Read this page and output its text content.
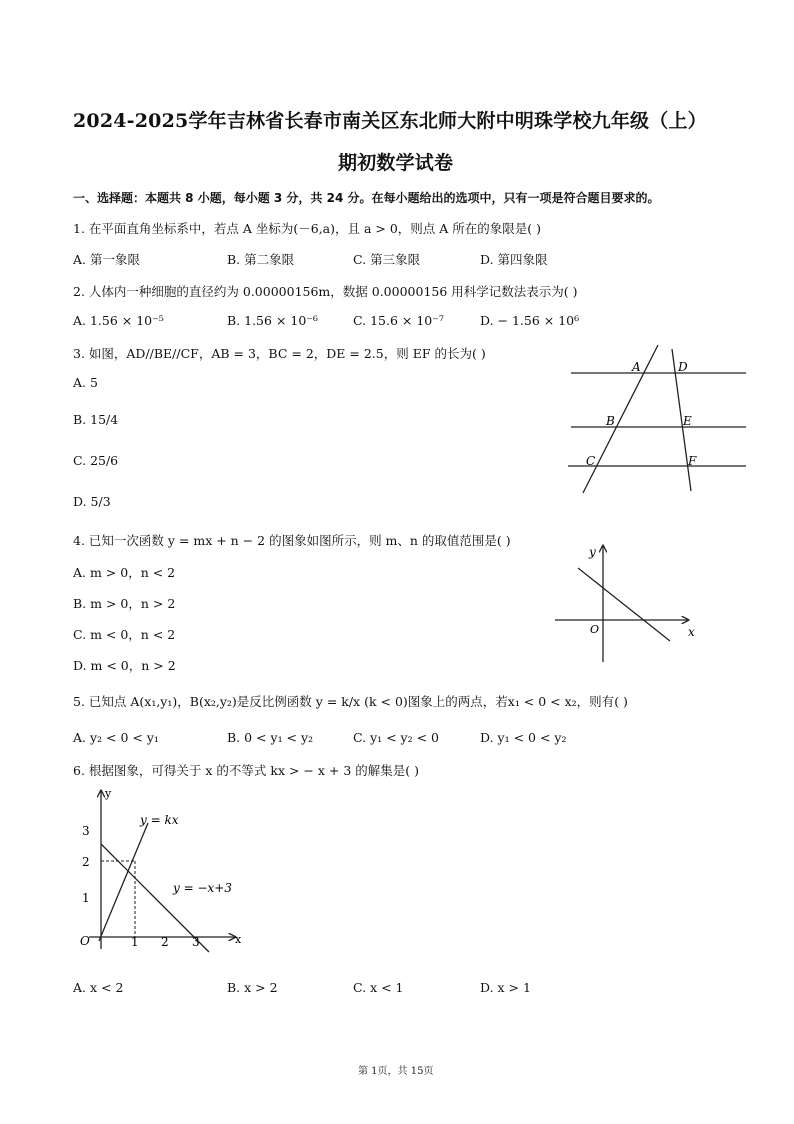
2024-2025学年吉林省长春市南关区东北师大附中明珠学校九年级（上）
期初数学试卷
一、选择题：本题共 8 小题，每小题 3 分，共 24 分。在每小题给出的选项中，只有一项是符合题目要求的。
1. 在平面直角坐标系中，若点 A 坐标为(－6,a)，且 a > 0，则点 A 所在的象限是( )
A. 第一象限	B. 第二象限	C. 第三象限	D. 第四象限
2. 人体内一种细胞的直径约为 0.00000156m，数据 0.00000156 用科学记数法表示为( )
A. 1.56 × 10⁻⁵	B. 1.56 × 10⁻⁶	C. 15.6 × 10⁻⁷	D. − 1.56 × 10⁶
3. 如图，AD//BE//CF，AB = 3，BC = 2，DE = 2.5，则 EF 的长为( )
A. 5
B. 15/4
C. 25/6
D. 5/3
A	D
B	E
C	F
4. 已知一次函数 y = mx + n − 2 的图象如图所示，则 m、n 的取值范围是( )
A. m > 0，n < 2
B. m > 0，n > 2
C. m < 0，n < 2
D. m < 0，n > 2
y
x
O
5. 已知点 A(x₁,y₁)，B(x₂,y₂)是反比例函数 y = k/x (k < 0)图象上的两点，若x₁ < 0 < x₂，则有( )
A. y₂ < 0 < y₁	B. 0 < y₁ < y₂	C. y₁ < y₂ < 0	D. y₁ < 0 < y₂
6. 根据图象，可得关于 x 的不等式 kx > − x + 3 的解集是( )
y
x
O
3
2
1
1 2 3
y = kx
y = −x+3
A. x < 2	B. x > 2	C. x < 1	D. x > 1
第 1页，共 15页
